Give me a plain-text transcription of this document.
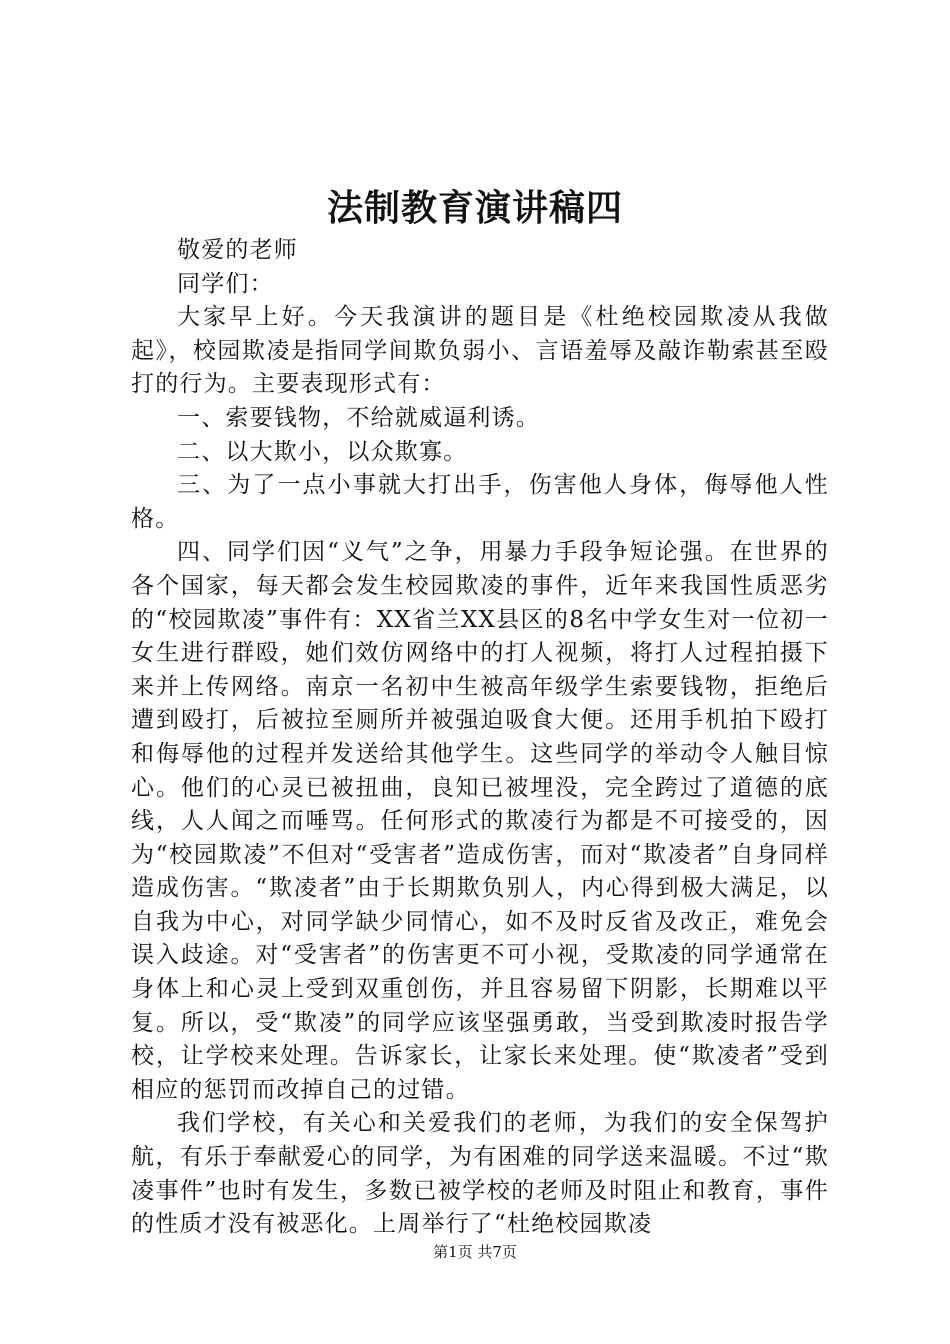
法制教育演讲稿四

敬爱的老师

同学们：

大家早上好。今天我演讲的题目是《杜绝校园欺凌从我做起》，校园欺凌是指同学间欺负弱小、言语羞辱及敲诈勒索甚至殴打的行为。主要表现形式有：

一、索要钱物，不给就威逼利诱。

二、以大欺小，以众欺寡。

三、为了一点小事就大打出手，伤害他人身体，侮辱他人性格。

四、同学们因“义气”之争，用暴力手段争短论强。在世界的各个国家，每天都会发生校园欺凌的事件，近年来我国性质恶劣的“校园欺凌”事件有：XX省兰XX县区的8名中学女生对一位初一女生进行群殴，她们效仿网络中的打人视频，将打人过程拍摄下来并上传网络。南京一名初中生被高年级学生索要钱物，拒绝后遭到殴打，后被拉至厕所并被强迫吸食大便。还用手机拍下殴打和侮辱他的过程并发送给其他学生。这些同学的举动令人触目惊心。他们的心灵已被扭曲，良知已被埋没，完全跨过了道德的底线，人人闻之而唾骂。任何形式的欺凌行为都是不可接受的，因为“校园欺凌”不但对“受害者”造成伤害，而对“欺凌者”自身同样造成伤害。“欺凌者”由于长期欺负别人，内心得到极大满足，以自我为中心，对同学缺少同情心，如不及时反省及改正，难免会误入歧途。对“受害者”的伤害更不可小视，受欺凌的同学通常在身体上和心灵上受到双重创伤，并且容易留下阴影，长期难以平复。所以，受“欺凌”的同学应该坚强勇敢，当受到欺凌时报告学校，让学校来处理。告诉家长，让家长来处理。使“欺凌者”受到相应的惩罚而改掉自己的过错。

我们学校，有关心和关爱我们的老师，为我们的安全保驾护航，有乐于奉献爱心的同学，为有困难的同学送来温暖。不过“欺凌事件”也时有发生，多数已被学校的老师及时阻止和教育，事件的性质才没有被恶化。上周举行了“杜绝校园欺凌

第1页 共7页
